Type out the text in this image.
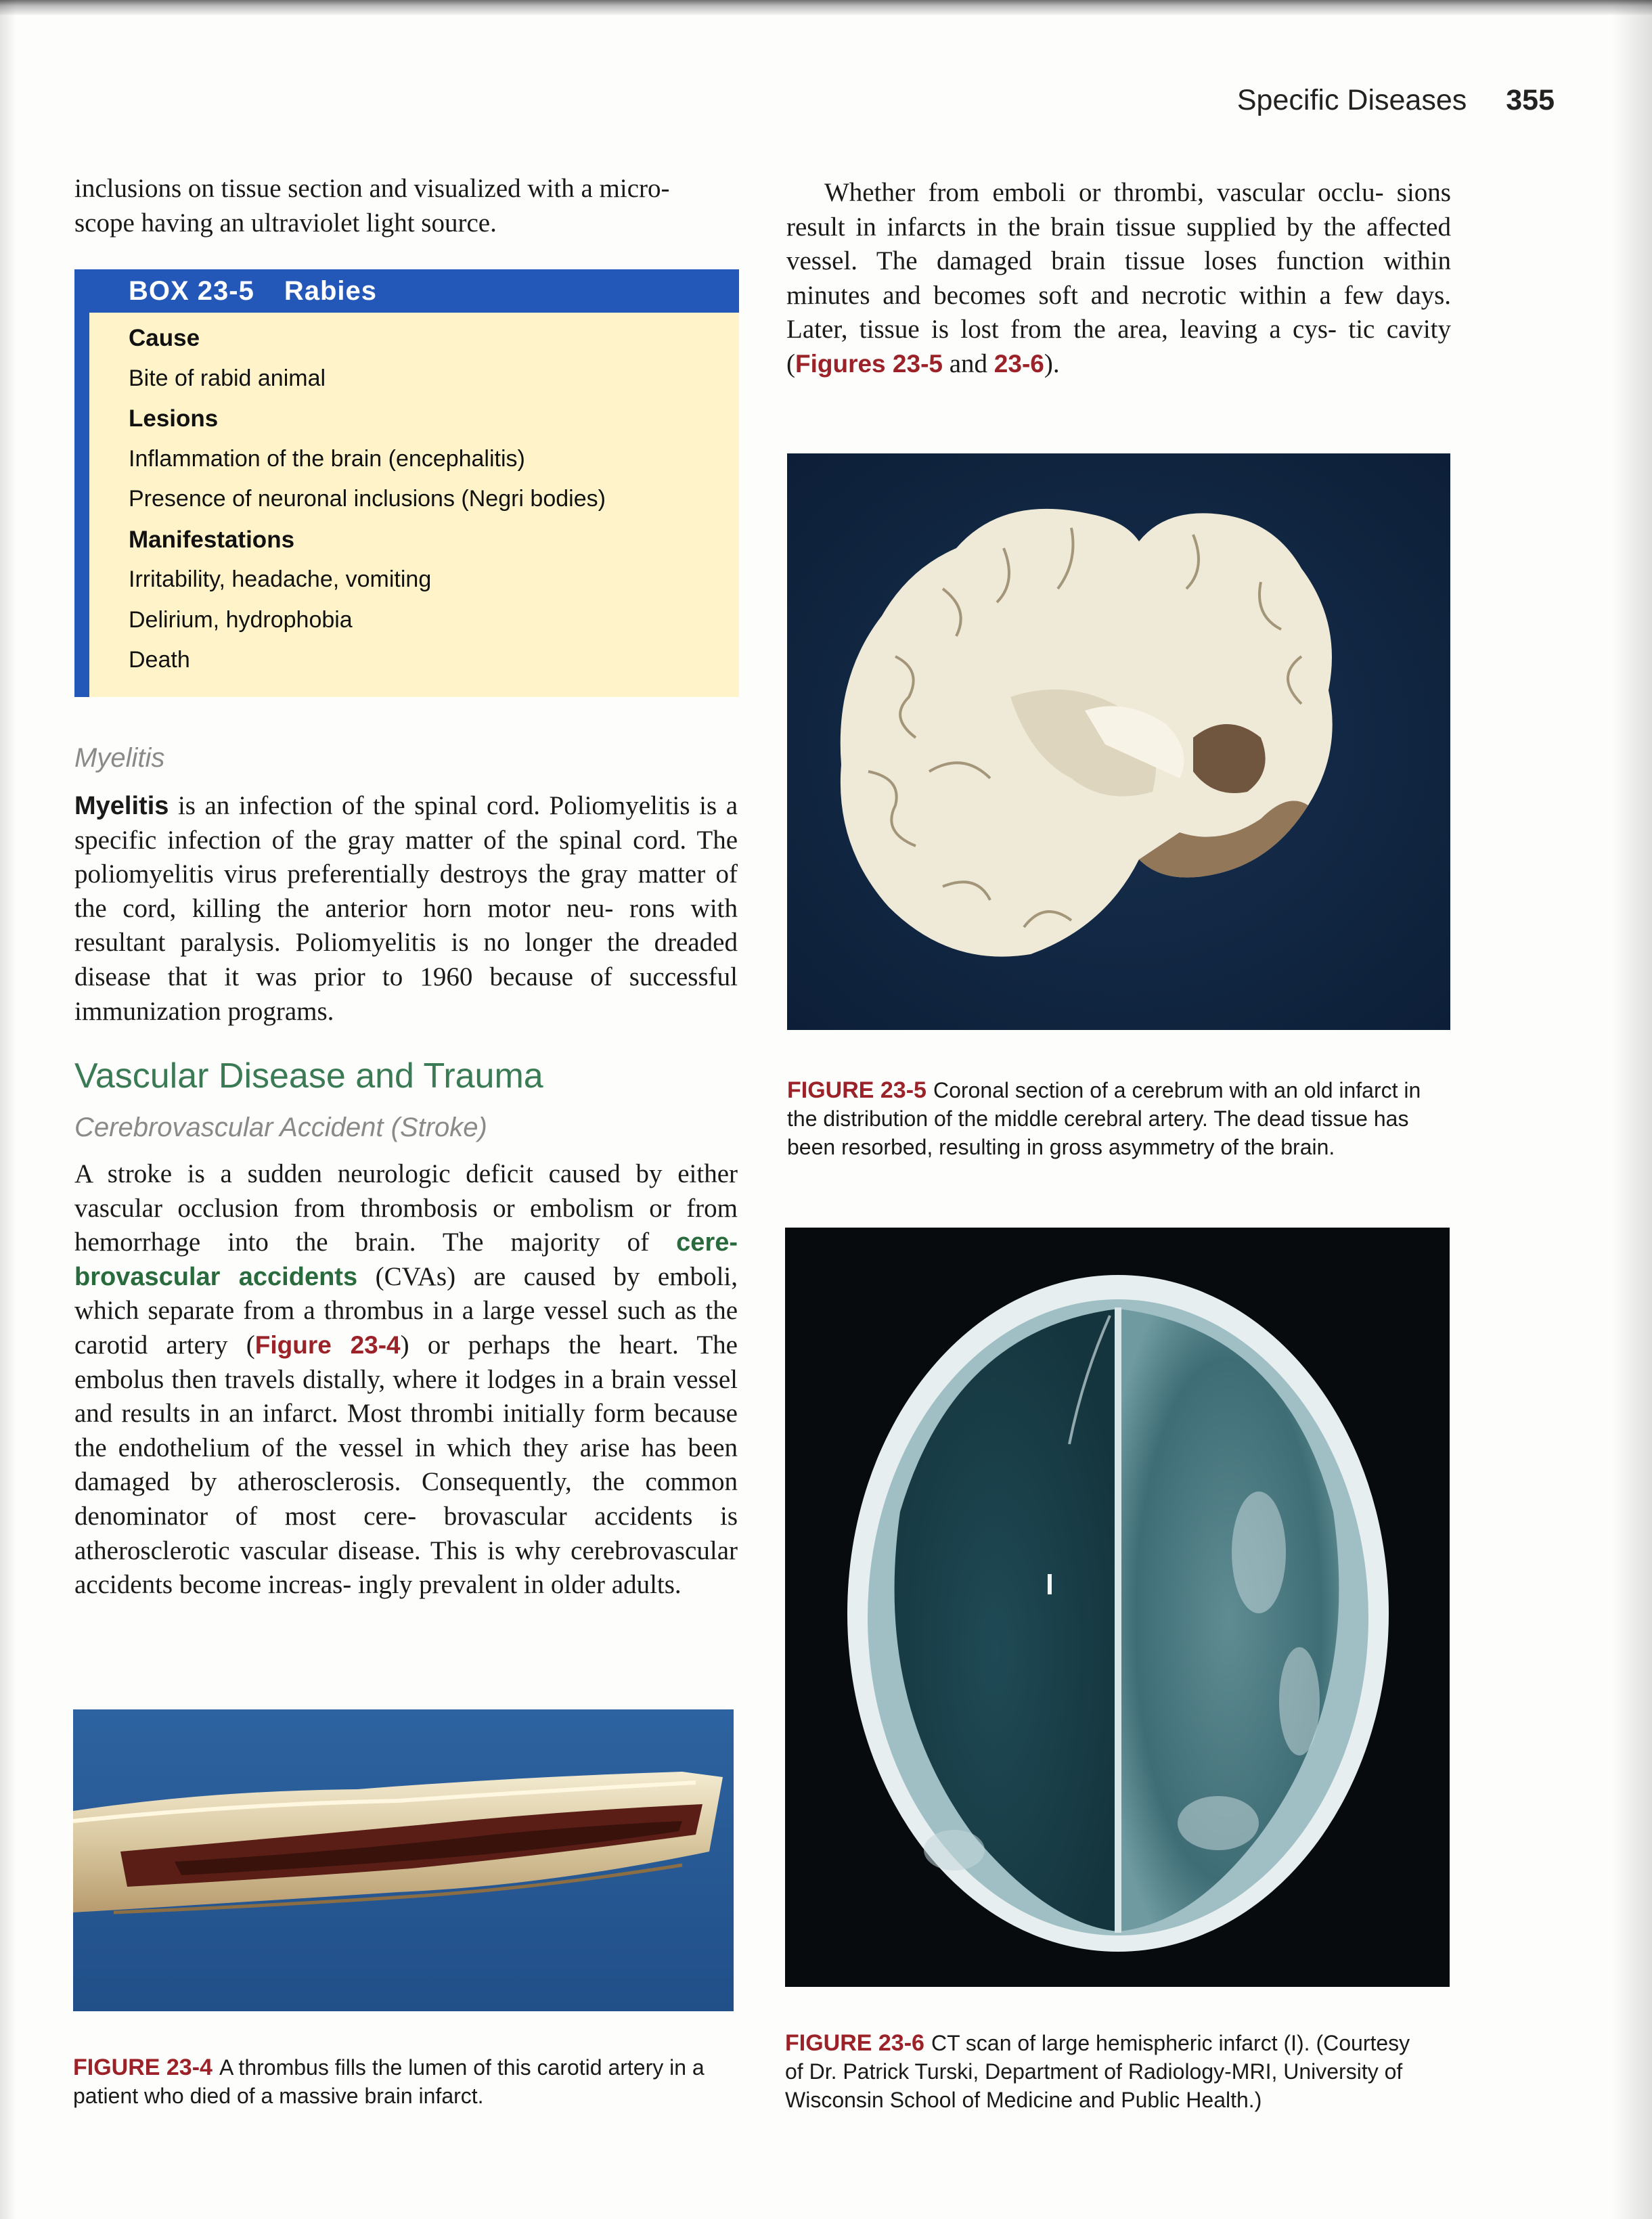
Specific Diseases 355

inclusions on tissue section and visualized with a micro-
scope having an ultraviolet light source.

BOX 23-5 Rabies
Cause
Bite of rabid animal
Lesions
Inflammation of the brain (encephalitis)
Presence of neuronal inclusions (Negri bodies)
Manifestations
Irritability, headache, vomiting
Delirium, hydrophobia
Death
Myelitis

Myelitis is an infection of the spinal cord. Poliomyelitis is a specific infection of the gray matter of the spinal cord. The poliomyelitis virus preferentially destroys the gray matter of the cord, killing the anterior horn motor neu- rons with resultant paralysis. Poliomyelitis is no longer the dreaded disease that it was prior to 1960 because of successful immunization programs.

Vascular Disease and Trauma
Cerebrovascular Accident (Stroke)

A stroke is a sudden neurologic deficit caused by either vascular occlusion from thrombosis or embolism or from hemorrhage into the brain. The majority of cere-brovascular accidents (CVAs) are caused by emboli, which separate from a thrombus in a large vessel such as the carotid artery (Figure 23-4) or perhaps the heart. The embolus then travels distally, where it lodges in a brain vessel and results in an infarct. Most thrombi initially form because the endothelium of the vessel in which they arise has been damaged by atherosclerosis. Consequently, the common denominator of most cere- brovascular accidents is atherosclerotic vascular disease. This is why cerebrovascular accidents become increas- ingly prevalent in older adults.

FIGURE 23-4 A thrombus fills the lumen of this carotid artery in a
patient who died of a massive brain infarct.

Whether from emboli or thrombi, vascular occlu- sions result in infarcts in the brain tissue supplied by the affected vessel. The damaged brain tissue loses function within minutes and becomes soft and necrotic within a few days. Later, tissue is lost from the area, leaving a cys- tic cavity (Figures 23-5 and 23-6).

FIGURE 23-5 Coronal section of a cerebrum with an old infarct in
the distribution of the middle cerebral artery. The dead tissue has
been resorbed, resulting in gross asymmetry of the brain.
FIGURE 23-6 CT scan of large hemispheric infarct (I). (Courtesy
of Dr. Patrick Turski, Department of Radiology-MRI, University of
Wisconsin School of Medicine and Public Health.)
